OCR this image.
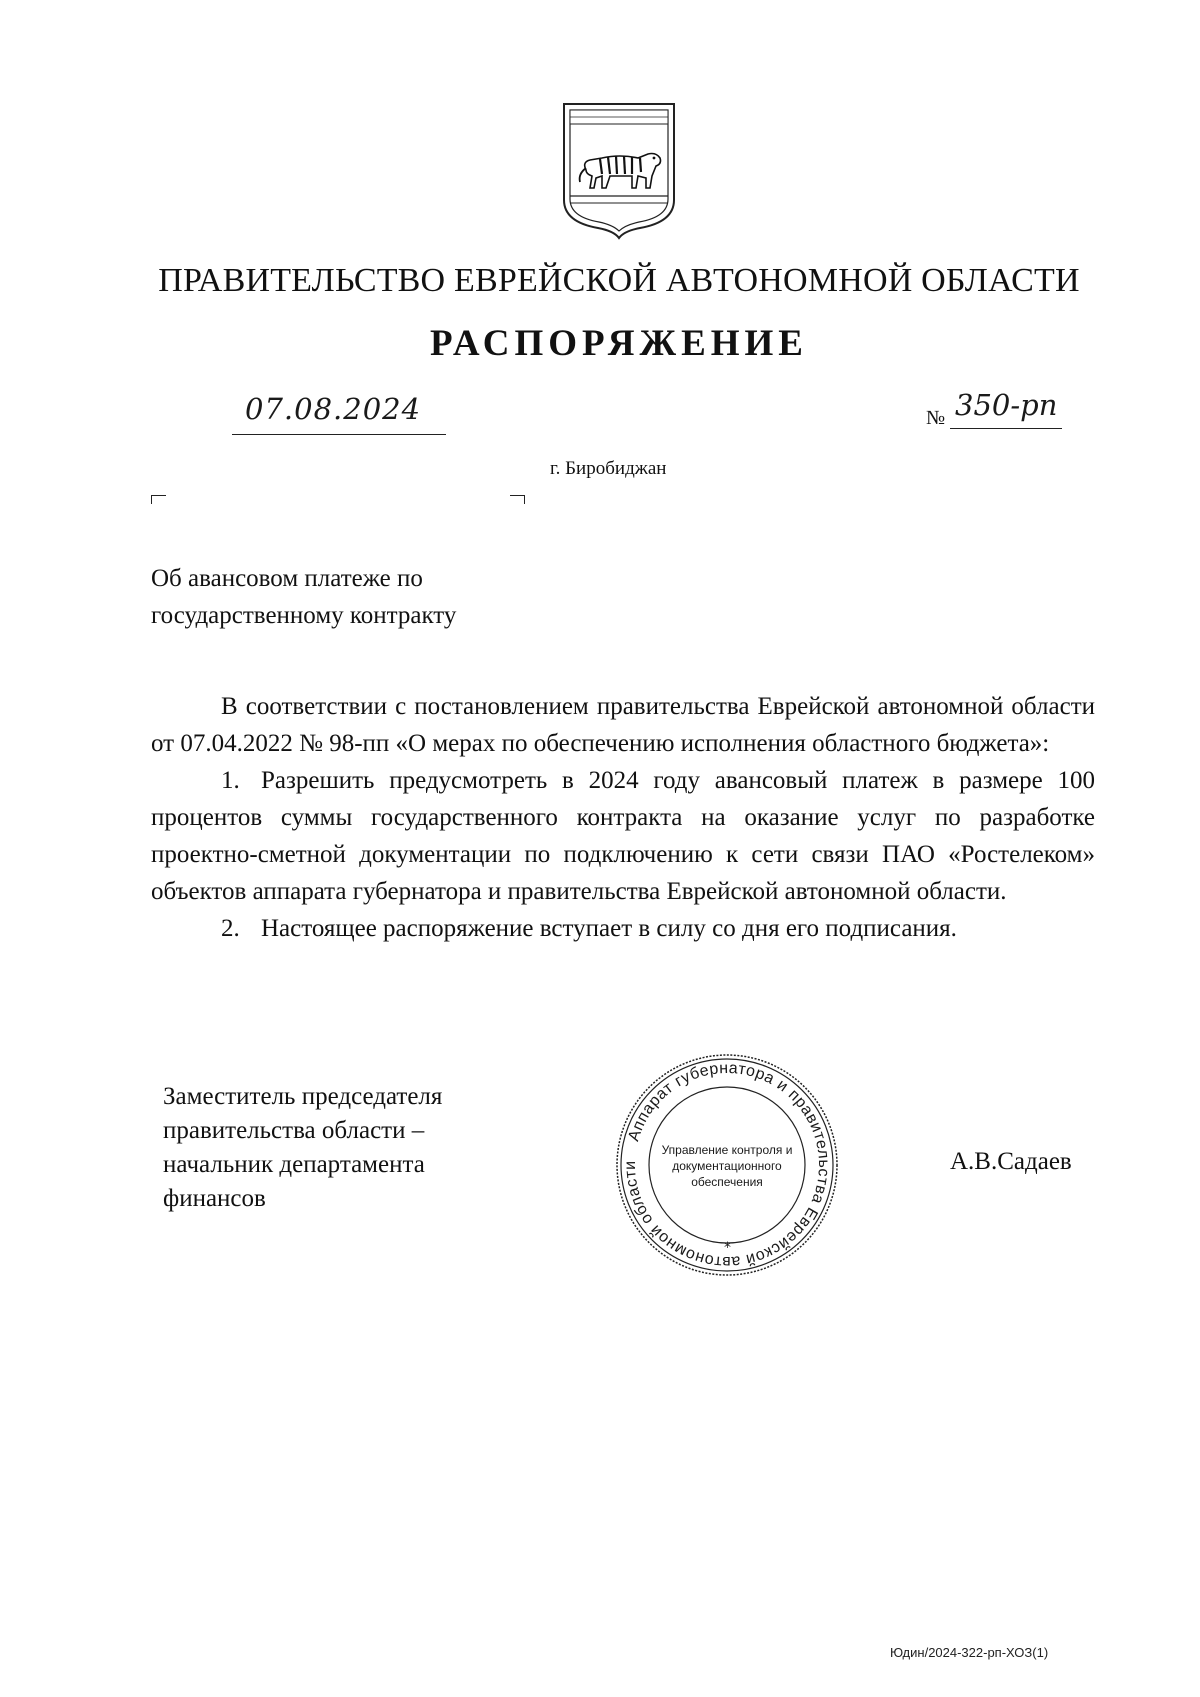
ПРАВИТЕЛЬСТВО ЕВРЕЙСКОЙ АВТОНОМНОЙ ОБЛАСТИ
РАСПОРЯЖЕНИЕ
07.08.2024	№ 350-рп
г. Биробиджан
Об авансовом платеже по
государственному контракту

В соответствии с постановлением правительства Еврейской автономной области от 07.04.2022 № 98-пп «О мерах по обеспечению исполнения областного бюджета»:

1. Разрешить предусмотреть в 2024 году авансовый платеж в размере 100 процентов суммы государственного контракта на оказание услуг по разработке проектно-сметной документации по подключению к сети связи ПАО «Ростелеком» объектов аппарата губернатора и правительства Еврейской автономной области.

2. Настоящее распоряжение вступает в силу со дня его подписания.

Заместитель председателя
правительства области –
начальник департамента
финансов
Аппарат губернатора и правительства Еврейской автономной области
*
Управление контроля и
документационного
обеспечения
А.В.Садаев
Юдин/2024-322-рп-ХОЗ(1)
